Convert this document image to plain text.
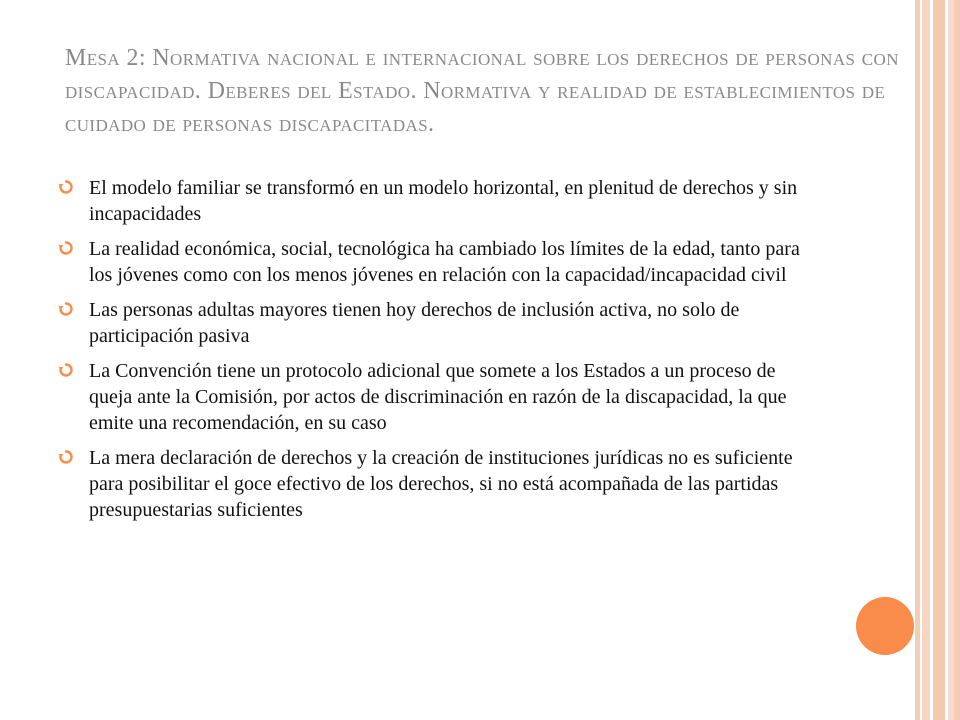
Mesa 2: Normativa nacional e internacional sobre los derechos de personas con discapacidad. Deberes del Estado. Normativa y realidad de establecimientos de cuidado de personas discapacitadas.
El modelo familiar se transformó en un modelo horizontal, en plenitud de derechos y sin incapacidades
La realidad económica, social, tecnológica ha cambiado los límites de la edad, tanto para los jóvenes como con los menos jóvenes en relación con la capacidad/incapacidad civil
Las personas adultas mayores tienen hoy derechos de inclusión activa, no solo de participación pasiva
La Convención tiene un protocolo adicional que somete a los Estados a un proceso de queja ante la Comisión, por actos de discriminación en razón de la discapacidad, la que emite una recomendación, en su caso
La mera declaración de derechos y la creación de instituciones jurídicas no es suficiente para posibilitar el goce efectivo de los derechos, si no está acompañada de las partidas presupuestarias suficientes
